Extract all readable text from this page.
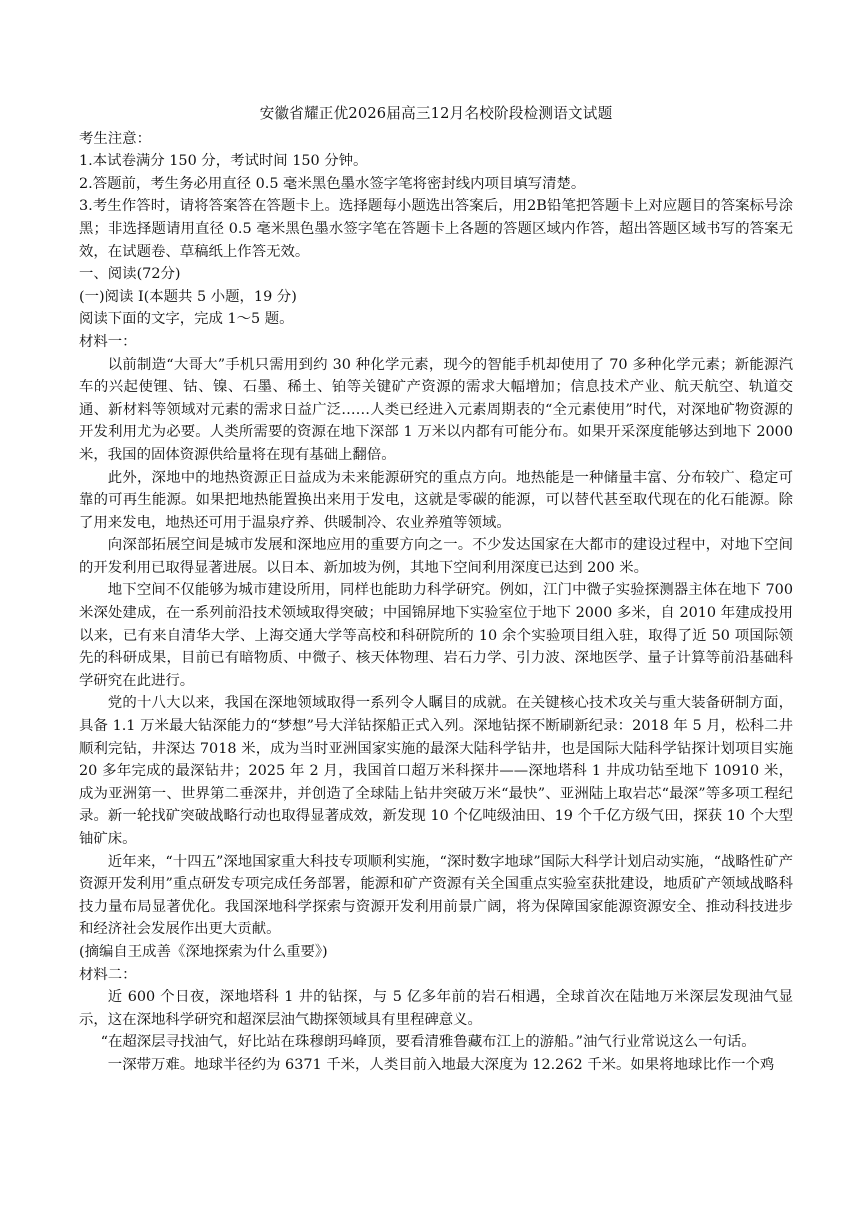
安徽省耀正优2026届高三12月名校阶段检测语文试题

考生注意：

1.本试卷满分 150 分，考试时间 150 分钟。

2.答题前，考生务必用直径 0.5 毫米黑色墨水签字笔将密封线内项目填写清楚。

3.考生作答时，请将答案答在答题卡上。选择题每小题选出答案后，用2B铅笔把答题卡上对应题目的答案标号涂黑；非选择题请用直径 0.5 毫米黑色墨水签字笔在答题卡上各题的答题区域内作答，超出答题区域书写的答案无效，在试题卷、草稿纸上作答无效。

一、阅读(72分)

(一)阅读 I(本题共 5 小题，19 分)

阅读下面的文字，完成 1～5 题。

材料一：

以前制造“大哥大”手机只需用到约 30 种化学元素，现今的智能手机却使用了 70 多种化学元素；新能源汽车的兴起使锂、钴、镍、石墨、稀土、铂等关键矿产资源的需求大幅增加；信息技术产业、航天航空、轨道交通、新材料等领域对元素的需求日益广泛……人类已经进入元素周期表的“全元素使用”时代，对深地矿物资源的开发利用尤为必要。人类所需要的资源在地下深部 1 万米以内都有可能分布。如果开采深度能够达到地下 2000 米，我国的固体资源供给量将在现有基础上翻倍。

此外，深地中的地热资源正日益成为未来能源研究的重点方向。地热能是一种储量丰富、分布较广、稳定可靠的可再生能源。如果把地热能置换出来用于发电，这就是零碳的能源，可以替代甚至取代现在的化石能源。除了用来发电，地热还可用于温泉疗养、供暖制冷、农业养殖等领域。

向深部拓展空间是城市发展和深地应用的重要方向之一。不少发达国家在大都市的建设过程中，对地下空间的开发利用已取得显著进展。以日本、新加坡为例，其地下空间利用深度已达到 200 米。

地下空间不仅能够为城市建设所用，同样也能助力科学研究。例如，江门中微子实验探测器主体在地下 700 米深处建成，在一系列前沿技术领域取得突破；中国锦屏地下实验室位于地下 2000 多米，自 2010 年建成投用以来，已有来自清华大学、上海交通大学等高校和科研院所的 10 余个实验项目组入驻，取得了近 50 项国际领先的科研成果，目前已有暗物质、中微子、核天体物理、岩石力学、引力波、深地医学、量子计算等前沿基础科学研究在此进行。

党的十八大以来，我国在深地领域取得一系列令人瞩目的成就。在关键核心技术攻关与重大装备研制方面，具备 1.1 万米最大钻深能力的“梦想”号大洋钻探船正式入列。深地钻探不断刷新纪录：2018 年 5 月，松科二井顺利完钻，井深达 7018 米，成为当时亚洲国家实施的最深大陆科学钻井，也是国际大陆科学钻探计划项目实施 20 多年完成的最深钻井；2025 年 2 月，我国首口超万米科探井——深地塔科 1 井成功钻至地下 10910 米，成为亚洲第一、世界第二垂深井，并创造了全球陆上钻井突破万米“最快”、亚洲陆上取岩芯“最深”等多项工程纪录。新一轮找矿突破战略行动也取得显著成效，新发现 10 个亿吨级油田、19 个千亿方级气田，探获 10 个大型铀矿床。

近年来，“十四五”深地国家重大科技专项顺利实施，“深时数字地球”国际大科学计划启动实施，“战略性矿产资源开发利用”重点研发专项完成任务部署，能源和矿产资源有关全国重点实验室获批建设，地质矿产领域战略科技力量布局显著优化。我国深地科学探索与资源开发利用前景广阔，将为保障国家能源资源安全、推动科技进步和经济社会发展作出更大贡献。

(摘编自王成善《深地探索为什么重要》)

材料二：

近 600 个日夜，深地塔科 1 井的钻探，与 5 亿多年前的岩石相遇，全球首次在陆地万米深层发现油气显示，这在深地科学研究和超深层油气勘探领域具有里程碑意义。

“在超深层寻找油气，好比站在珠穆朗玛峰顶，要看清雅鲁藏布江上的游船。”油气行业常说这么一句话。

一深带万难。地球半径约为 6371 千米，人类目前入地最大深度为 12.262 千米。如果将地球比作一个鸡
